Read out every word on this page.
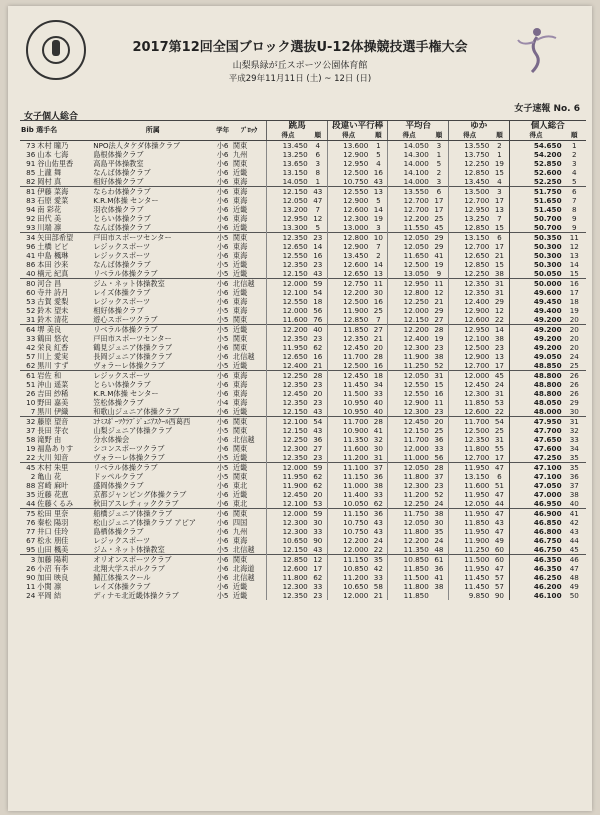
2017第12回全国ブロック選抜U-12体操競技選手権大会
山梨県緑が丘スポーツ公園体育館
平成29年11月11日 (土) ~ 12日 (日)
女子個人総合
女子速報 No. 6
Bib 選手名		所属	学年	ﾌﾞﾛｯｸ	跳馬		段違い平行棒		平均台		ゆか		個人総合	
					得点	順	得点	順	得点	順	得点	順	得点	順
73	木村 瞳乃	NPO法人タケダ体操クラブ	小6	関東	13.450	4	13.600	1	14.050	3	13.550	2	54.650	1
36	山本 七海	島根体操クラブ	小6	九州	13.250	6	12.900	5	14.300	1	13.750	1	54.200	2
91	谷山佑里香	高島平体操教室	小6	関東	13.650	3	12.950	4	14.000	5	12.250	19	52.850	3
85	上瀧 舞	なんば体操クラブ	小6	近畿	13.150	8	12.500	16	14.100	2	12.850	15	52.600	4
82	岡村 真	相好体操クラブ	小6	東海	14.050	1	10.750	43	14.000	3	13.450	4	52.250	5
81	伊藤 菜海	ならわ体操クラブ	小6	東海	12.150	43	12.550	13	13.550	6	13.500	3	51.750	6
83	石原 愛菜	K.R.M体操 センター	小6	東海	12.050	47	12.900	5	12.700	17	12.700	17	51.650	7
94	南 彩花	羽衣体操クラブ	小6	近畿	13.200	7	12.600	14	12.700	17	12.950	13	51.450	8
92	田代 美	とらい体操クラブ	小6	東海	12.950	12	12.300	19	12.200	25	13.250	7	50.700	9
93	川端 凛	なんば体操クラブ	小6	近畿	13.300	5	13.000	3	11.550	45	12.850	15	50.700	9
34	矢田部希望	戸田市スポーツセンター	小5	関東	12.350	23	12.800	10	12.050	29	13.150	6	50.350	11
96	土橋 ビビ	レジックスポーツ	小6	東海	12.650	14	12.900	7	12.050	29	12.700	17	50.300	12
41	中島 楓琳	レジックスポーツ	小6	東海	12.550	16	13.450	2	11.650	41	12.650	21	50.300	13
86	本田 沙来	なんば体操クラブ	小5	近畿	12.350	23	12.600	14	12.500	19	12.850	15	50.300	14
40	楠元 紀真	リベラル体操クラブ	小5	近畿	12.150	43	12.650	13	13.050	9	12.250	38	50.050	15
80	河合 昌	ジム・ネット体操教室	小6	北信越	12.000	59	12.750	11	12.950	11	12.350	31	50.000	16
60	寺井 詩月	レイズ体操クラブ	小6	近畿	12.100	54	12.200	30	12.800	12	12.350	31	49.600	17
53	古賀 愛梨	レジックスポーツ	小6	東海	12.550	18	12.500	16	12.250	21	12.400	29	49.450	18
52	鈴木 望未	相好体操クラブ	小5	東海	12.000	56	11.900	25	12.000	29	12.900	12	49.400	19
31	鈴木 清花	遊心スポーツクラブ	小5	関東	11.600	76	12.850	7	12.150	27	12.600	22	49.200	20
64	堺 美良	リベラル体操クラブ	小5	近畿	12.200	40	11.850	27	12.200	28	12.950	14	49.200	20
33	鶴田 悠衣	戸田市スポーツセンター	小5	関東	12.350	23	12.350	21	12.400	19	12.100	38	49.200	20
42	栄良 紅香	鶴見ジュニア体操クラブ	小6	関東	11.950	62	12.450	20	12.300	23	12.500	23	49.200	20
57	川上 愛実	長岡ジュニア体操クラブ	小6	北信越	12.650	16	11.700	28	11.900	38	12.900	13	49.050	24
62	黒川 すず	ヴォラーレ体操クラブ	小5	近畿	12.400	21	12.500	16	11.250	52	12.700	17	48.850	25
61	岩佐 和	レジックスポーツ	小6	東海	12.250	28	12.450	18	12.050	31	12.000	45	48.800	26
51	沖山 遥菜	とらい体操クラブ	小6	東海	12.350	23	11.450	34	12.550	15	12.450	24	48.800	26
26	吉田 紗稀	K.R.M体操 センター	小6	東海	12.450	20	11.500	33	12.550	16	12.300	31	48.800	26
10	野田 嘉美	笠松体操クラブ	小4	東海	12.350	23	10.950	40	12.900	11	11.850	53	48.050	29
7	黒川 伊織	和歌山ジュニア体操クラブ	小6	近畿	12.150	43	10.950	40	12.300	23	12.600	22	48.000	30
32	藤原 望音	ｺﾅﾐｽﾎﾟｰﾂｸﾗﾌﾞｼﾞｭﾆｱｽｸｰﾙ西葛西	小6	関東	12.100	54	11.700	28	12.450	20	11.700	54	47.950	31
37	長田 芽衣	山梨ジュニア体操クラブ	小5	関東	12.150	43	10.900	41	12.150	25	12.500	25	47.700	32
58	滝野 由	分水体操会	小6	北信越	12.250	36	11.350	32	11.700	36	12.350	31	47.650	33
19	福島ありす	シコンスポーツクラブ	小6	関東	12.300	27	11.600	30	12.000	33	11.800	55	47.600	34
22	大川 知音	ヴォラーレ体操クラブ	小5	近畿	12.350	23	11.200	31	11.000	56	12.700	17	47.250	35
45	木村 朱里	リベラル体操クラブ	小5	近畿	12.000	59	11.100	37	12.050	28	11.950	47	47.100	35
2	亀山 花	ドッペルクラブ	小5	関東	11.950	62	11.150	36	11.800	37	13.150	6	47.100	36
88	宮崎 麻叶	盛岡体操クラブ	小6	東北	11.900	62	11.000	38	12.300	23	11.600	51	47.050	37
35	近藤 花恵	京都ジャンピング体操クラブ	小6	近畿	12.450	20	11.400	33	11.200	52	11.950	47	47.000	38
44	佐藤くるみ	秋田アスレティッククラブ	小6	東北	12.100	53	10.050	62	12.250	24	12.050	44	46.950	40
75	松田 里奈	船橋ジュニア体操クラブ	小6	関東	12.000	59	11.150	36	11.750	38	11.950	47	46.900	41
76	秦松 陽羽	松山ジュニア体操クラブ アピア	小6	四国	12.300	30	10.750	43	12.050	30	11.850	43	46.850	42
77	井口 佳玲	島栖体操クラブ	小6	九州	12.300	33	10.750	43	11.800	35	11.950	47	46.800	43
67	松永 朋佳	レジックスポーツ	小6	東海	10.650	90	12.200	24	12.200	24	11.900	49	46.750	44
95	山田 楓美	ジム・ネット体操教室	小5	北信越	12.150	43	12.000	22	11.350	48	11.250	60	46.750	45
3	加藤 陽莉	オリオンスポーツクラブ	小6	関東	12.850	12	11.150	35	10.850	61	11.500	60	46.350	46
26	小沼 有李	北翔大学スポルクラブ	小6	北海道	12.600	17	10.850	42	11.850	36	11.950	47	46.350	47
90	加田 映良	鯖江体操スクール	小6	北信越	11.800	62	11.200	33	11.500	41	11.450	57	46.250	48
11	小関 凛	レイズ体操クラブ	小6	近畿	12.300	33	10.650	58	11.800	38	11.450	57	46.200	49
24	平岡 結	ディナモ北近畿体操クラブ	小5	近畿	12.350	23	12.000	21	11.850		9.850	90	46.100	50
